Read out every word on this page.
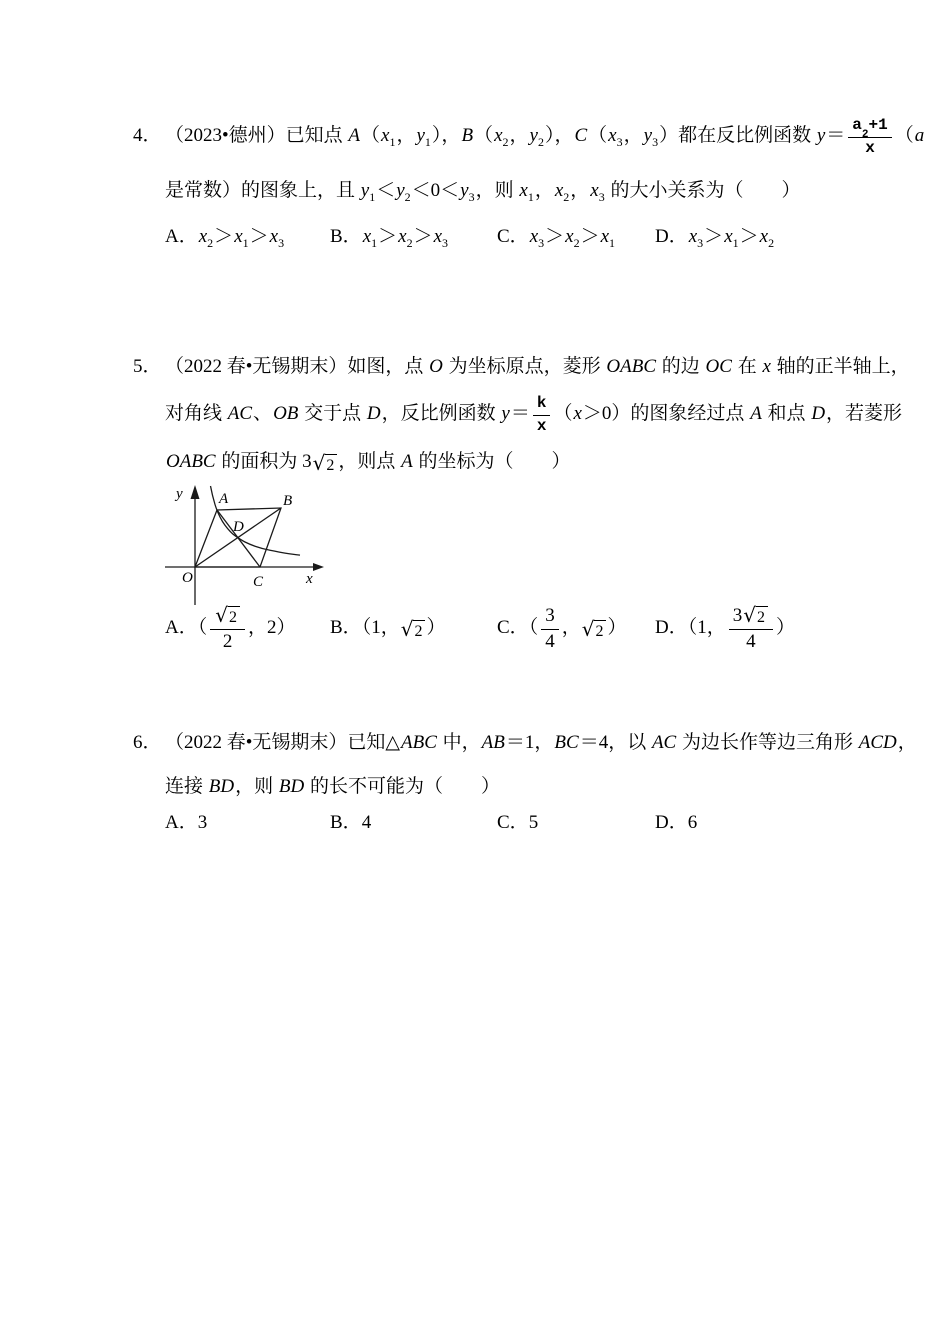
4． （2023•德州）已知点 $A(x_1$，$y_1$），$B(x_2$，$y_2$），$C(x_3$，$y_3$）都在反比例函数 y＝ a
2
+1
x （a
是常数）的图象上，且 $y_1<y_2<0<y_3$，则 $x_1$，$x_2$，$x_3$ 的大小关系为（　　）
A．$x_2>x_1>x_3$ B．$x_1>x_2>x_3$	C．$x_3>x_2>x_1$ D．$x_3>x_1>x_2$
5． （2022 春•无锡期末）如图，点 O 为坐标原点，菱形 OABC 的边 OC 在 x 轴的正半轴上，
对角线 AC、OB 交于点 D，反比例函数 $y= \frac{k}{x} (x>0)$的图象经过点 A 和点 D，若菱形
OABC 的面积为 3 √ 2 ，则点 A 的坐标为（　　）
y
x
O
A	B
C
D
A．（ $\frac{√ 2}{2}$ ，2） B．（1， √ 2 ）	C．（ $\frac{3}{4}$ ， √ 2 ） D．（1， $\frac{3 √ 2}{4}$ ）
6． （2022 春•无锡期末）已知△ABC 中，AB＝1，BC＝4，以 AC 为边长作等边三角形 ACD，
连接 BD，则 BD 的长不可能为（　　）
A．3	B．4	C．5	D．6
